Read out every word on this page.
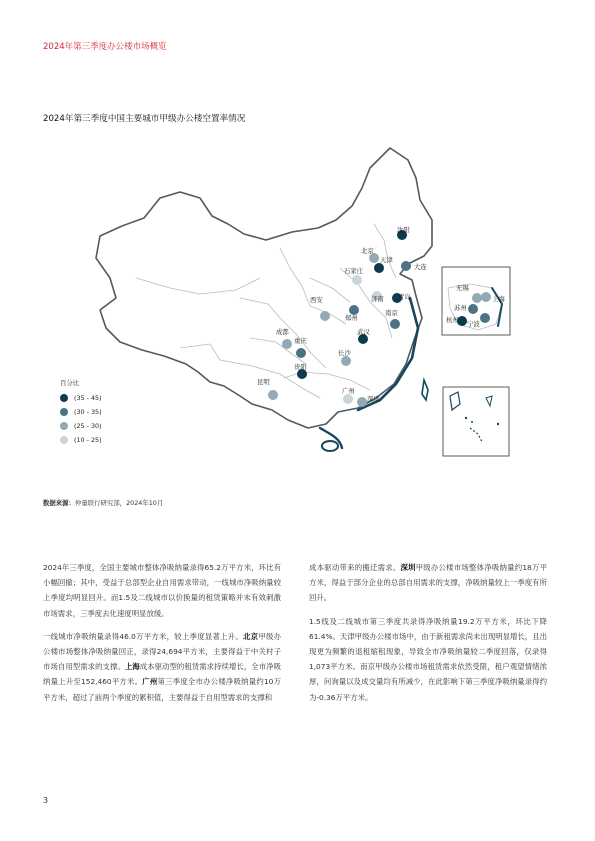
2024年第三季度办公楼市场概览
2024年第三季度中国主要城市甲级办公楼空置率情况
沈阳
北京
天津
大连
石家庄
济南 青岛
西安
郑州
南京
武汉
成都
重庆
长沙
贵阳
昆明
广州
深圳
无锡
上海
苏州
杭州 宁波
百分比
(35 - 45)
(30 - 35)
(25 - 30)
(10 - 25)
数据来源：仲量联行研究部，2024年10月

2024年三季度，全国主要城市整体净吸纳量录得65.2万平方米，环比有小幅回撤；其中，受益于总部型企业自用需求带动，一线城市净吸纳量较上季度均明显回升。而1.5及二线城市以价换量的租赁策略并未有效刺激市场需求，三季度去化速度明显放缓。

一线城市净吸纳量录得46.0万平方米，较上季度显著上升。北京甲级办公楼市场整体净吸纳量回正，录得24,694平方米，主要得益于中关村子市场自用型需求的支撑。上海成本驱动型的租赁需求持续增长，全市净吸纳量上升至152,460平方米。广州第三季度全市办公楼净吸纳量约10万平方米，超过了前两个季度的累积值，主要得益于自用型需求的支撑和

成本驱动带来的搬迁需求。深圳甲级办公楼市场整体净吸纳量约18万平方米，得益于部分企业的总部自用需求的支撑，净吸纳量较上一季度有所回升。

1.5线及二线城市第三季度共录得净吸纳量19.2万平方米，环比下降61.4%。天津甲级办公楼市场中，由于新租需求尚未出现明显增长，且出现更为频繁的退租缩租现象，导致全市净吸纳量较二季度回落，仅录得1,073平方米。南京甲级办公楼市场租赁需求依然受限，租户观望情绪浓厚，问询量以及成交量均有所减少，在此影响下第三季度净吸纳量录得约为-0.36万平方米。

3
